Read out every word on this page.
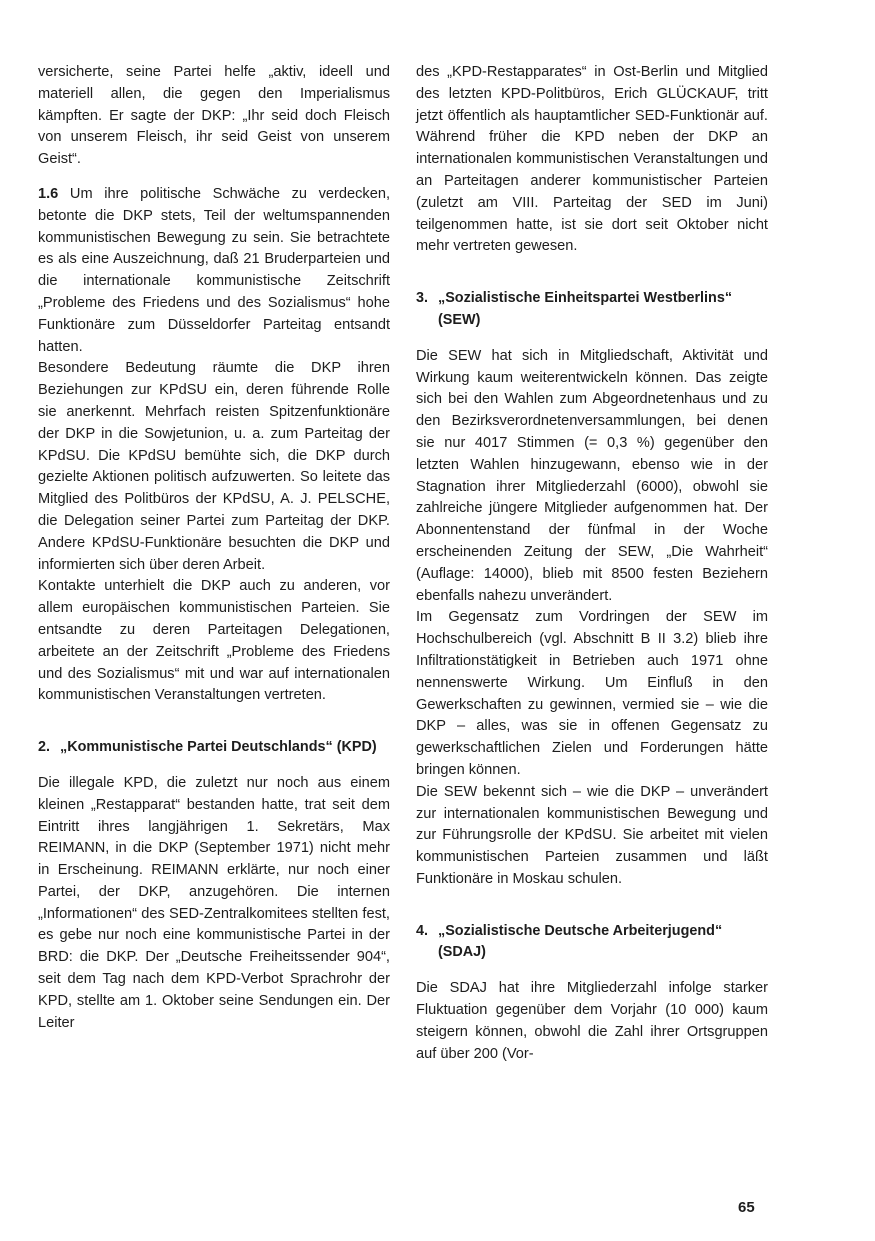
versicherte, seine Partei helfe „aktiv, ideell und materiell allen, die gegen den Imperialismus kämpften. Er sagte der DKP: „Ihr seid doch Fleisch von unserem Fleisch, ihr seid Geist von unserem Geist“.

1.6 Um ihre politische Schwäche zu verdecken, betonte die DKP stets, Teil der weltumspannenden kommunistischen Bewegung zu sein. Sie betrachtete es als eine Auszeichnung, daß 21 Bruderparteien und die internationale kommunistische Zeitschrift „Probleme des Friedens und des Sozialismus“ hohe Funktionäre zum Düsseldorfer Parteitag entsandt hatten.

Besondere Bedeutung räumte die DKP ihren Beziehungen zur KPdSU ein, deren führende Rolle sie anerkennt. Mehrfach reisten Spitzenfunktionäre der DKP in die Sowjetunion, u. a. zum Parteitag der KPdSU. Die KPdSU bemühte sich, die DKP durch gezielte Aktionen politisch aufzuwerten. So leitete das Mitglied des Politbüros der KPdSU, A. J. PELSCHE, die Delegation seiner Partei zum Parteitag der DKP. Andere KPdSU-Funktionäre besuchten die DKP und informierten sich über deren Arbeit.

Kontakte unterhielt die DKP auch zu anderen, vor allem europäischen kommunistischen Parteien. Sie entsandte zu deren Parteitagen Delegationen, arbeitete an der Zeitschrift „Probleme des Friedens und des Sozialismus“ mit und war auf internationalen kommunistischen Veranstaltungen vertreten.

2. „Kommunistische Partei Deutschlands“ (KPD)

Die illegale KPD, die zuletzt nur noch aus einem kleinen „Restapparat“ bestanden hatte, trat seit dem Eintritt ihres langjährigen 1. Sekretärs, Max REIMANN, in die DKP (September 1971) nicht mehr in Erscheinung. REIMANN erklärte, nur noch einer Partei, der DKP, anzugehören. Die internen „Informationen“ des SED-Zentralkomitees stellten fest, es gebe nur noch eine kommunistische Partei in der BRD: die DKP. Der „Deutsche Freiheitssender 904“, seit dem Tag nach dem KPD-Verbot Sprachrohr der KPD, stellte am 1. Oktober seine Sendungen ein. Der Leiter

des „KPD-Restapparates“ in Ost-Berlin und Mitglied des letzten KPD-Politbüros, Erich GLÜCKAUF, tritt jetzt öffentlich als hauptamtlicher SED-Funktionär auf. Während früher die KPD neben der DKP an internationalen kommunistischen Veranstaltungen und an Parteitagen anderer kommunistischer Parteien (zuletzt am VIII. Parteitag der SED im Juni) teilgenommen hatte, ist sie dort seit Oktober nicht mehr vertreten gewesen.

3. „Sozialistische Einheitspartei Westberlins“ (SEW)

Die SEW hat sich in Mitgliedschaft, Aktivität und Wirkung kaum weiterentwickeln können. Das zeigte sich bei den Wahlen zum Abgeordnetenhaus und zu den Bezirksverordnetenversammlungen, bei denen sie nur 4017 Stimmen (= 0,3 %) gegenüber den letzten Wahlen hinzugewann, ebenso wie in der Stagnation ihrer Mitgliederzahl (6000), obwohl sie zahlreiche jüngere Mitglieder aufgenommen hat. Der Abonnentenstand der fünfmal in der Woche erscheinenden Zeitung der SEW, „Die Wahrheit“ (Auflage: 14000), blieb mit 8500 festen Beziehern ebenfalls nahezu unverändert.

Im Gegensatz zum Vordringen der SEW im Hochschulbereich (vgl. Abschnitt B II 3.2) blieb ihre Infiltrationstätigkeit in Betrieben auch 1971 ohne nennenswerte Wirkung. Um Einfluß in den Gewerkschaften zu gewinnen, vermied sie – wie die DKP – alles, was sie in offenen Gegensatz zu gewerkschaftlichen Zielen und Forderungen hätte bringen können.

Die SEW bekennt sich – wie die DKP – unverändert zur internationalen kommunistischen Bewegung und zur Führungsrolle der KPdSU. Sie arbeitet mit vielen kommunistischen Parteien zusammen und läßt Funktionäre in Moskau schulen.

4. „Sozialistische Deutsche Arbeiterjugend“ (SDAJ)

Die SDAJ hat ihre Mitgliederzahl infolge starker Fluktuation gegenüber dem Vorjahr (10 000) kaum steigern können, obwohl die Zahl ihrer Ortsgruppen auf über 200 (Vor-

65
